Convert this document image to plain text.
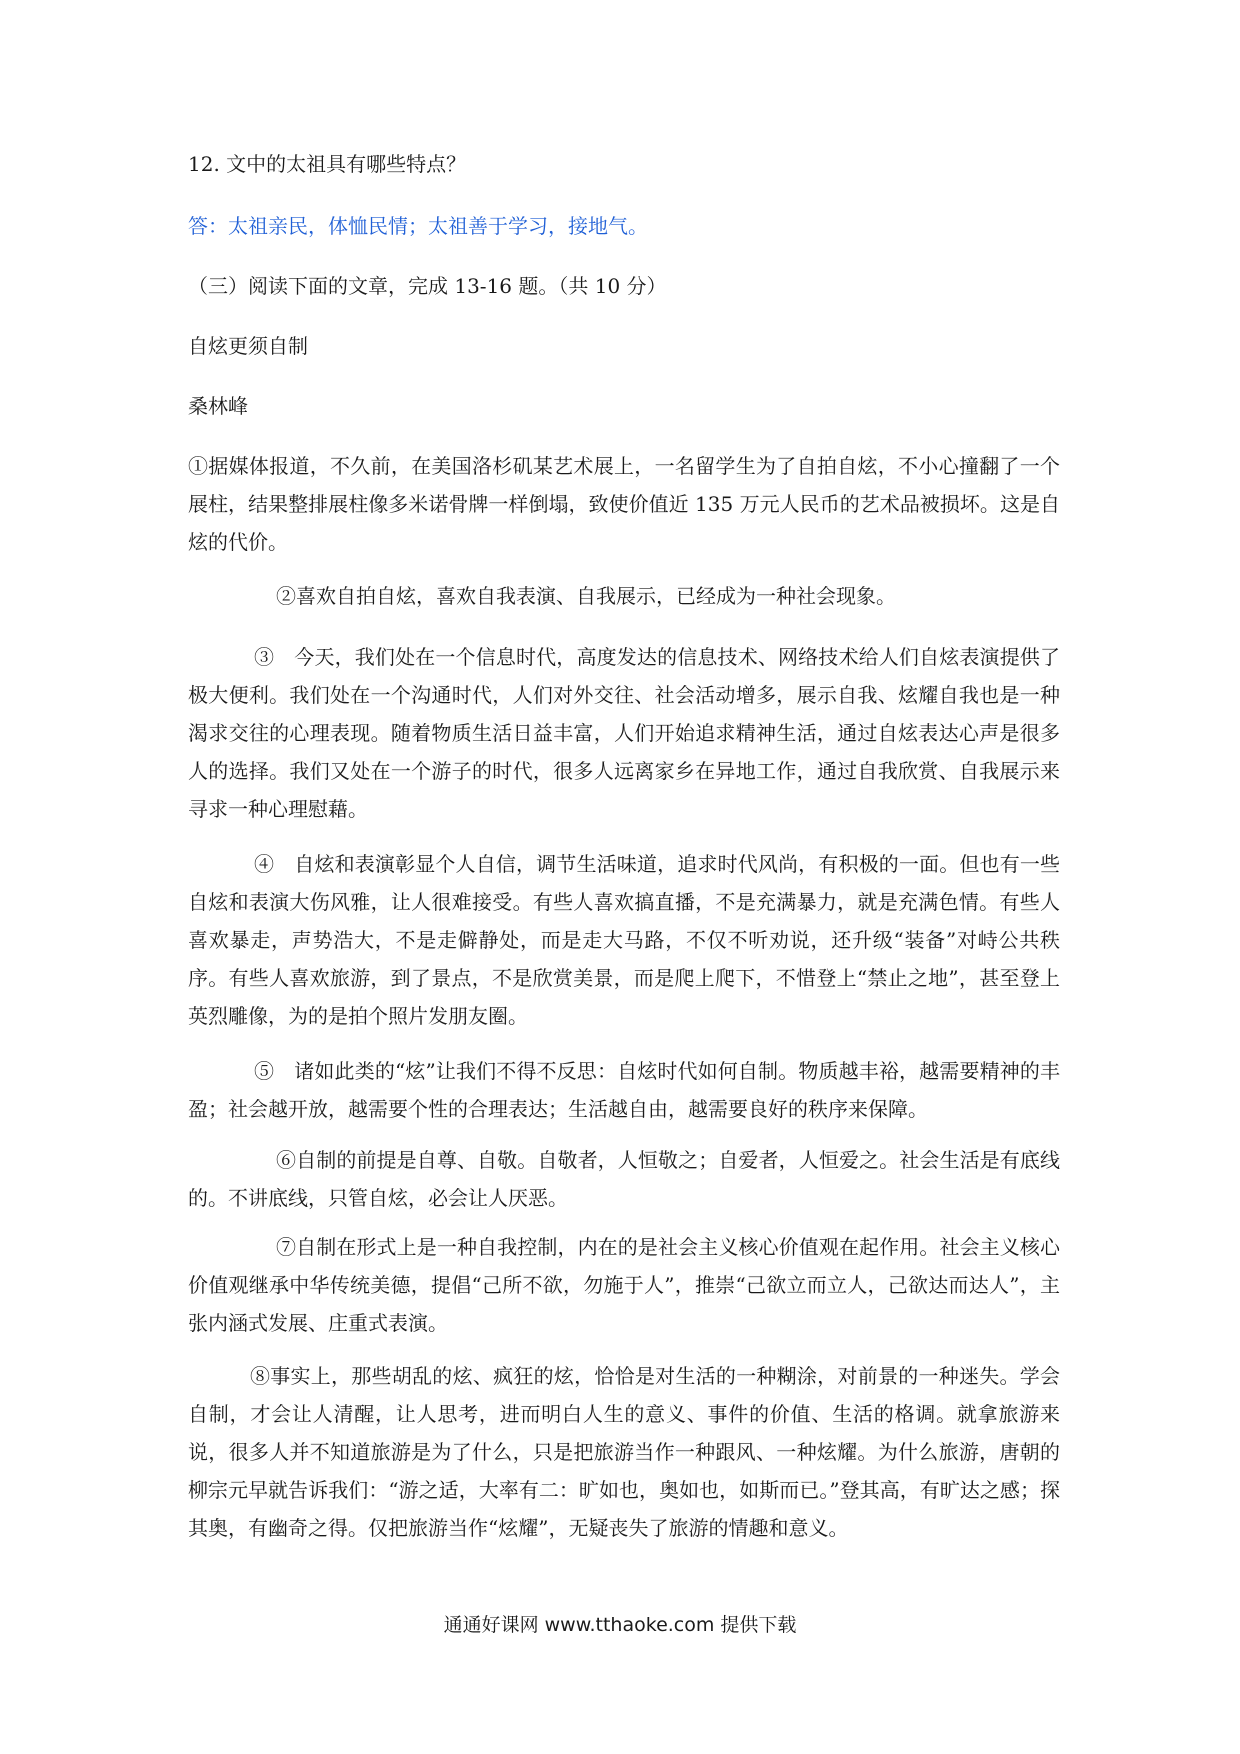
12. 文中的太祖具有哪些特点？
答：太祖亲民，体恤民情；太祖善于学习，接地气。
（三）阅读下面的文章，完成 13-16 题。（共 10 分）
自炫更须自制
桑林峰
①据媒体报道，不久前，在美国洛杉矶某艺术展上，一名留学生为了自拍自炫，不小心撞翻了一个展柱，结果整排展柱像多米诺骨牌一样倒塌，致使价值近 135 万元人民币的艺术品被损坏。这是自炫的代价。
②喜欢自拍自炫，喜欢自我表演、自我展示，已经成为一种社会现象。
③　今天，我们处在一个信息时代，高度发达的信息技术、网络技术给人们自炫表演提供了极大便利。我们处在一个沟通时代，人们对外交往、社会活动增多，展示自我、炫耀自我也是一种渴求交往的心理表现。随着物质生活日益丰富，人们开始追求精神生活，通过自炫表达心声是很多人的选择。我们又处在一个游子的时代，很多人远离家乡在异地工作，通过自我欣赏、自我展示来寻求一种心理慰藉。
④　自炫和表演彰显个人自信，调节生活味道，追求时代风尚，有积极的一面。但也有一些自炫和表演大伤风雅，让人很难接受。有些人喜欢搞直播，不是充满暴力，就是充满色情。有些人喜欢暴走，声势浩大，不是走僻静处，而是走大马路，不仅不听劝说，还升级“装备”对峙公共秩序。有些人喜欢旅游，到了景点，不是欣赏美景，而是爬上爬下，不惜登上“禁止之地”，甚至登上英烈雕像，为的是拍个照片发朋友圈。
⑤　诸如此类的“炫”让我们不得不反思：自炫时代如何自制。物质越丰裕，越需要精神的丰盈；社会越开放，越需要个性的合理表达；生活越自由，越需要良好的秩序来保障。
⑥自制的前提是自尊、自敬。自敬者，人恒敬之；自爱者，人恒爱之。社会生活是有底线的。不讲底线，只管自炫，必会让人厌恶。
⑦自制在形式上是一种自我控制，内在的是社会主义核心价值观在起作用。社会主义核心价值观继承中华传统美德，提倡“己所不欲，勿施于人”，推崇“己欲立而立人，己欲达而达人”，主张内涵式发展、庄重式表演。
⑧事实上，那些胡乱的炫、疯狂的炫，恰恰是对生活的一种糊涂，对前景的一种迷失。学会自制，才会让人清醒，让人思考，进而明白人生的意义、事件的价值、生活的格调。就拿旅游来说，很多人并不知道旅游是为了什么，只是把旅游当作一种跟风、一种炫耀。为什么旅游，唐朝的柳宗元早就告诉我们：“游之适，大率有二：旷如也，奥如也，如斯而已。”登其高，有旷达之感；探其奥，有幽奇之得。仅把旅游当作“炫耀”，无疑丧失了旅游的情趣和意义。
通通好课网 www.tthaoke.com 提供下载
